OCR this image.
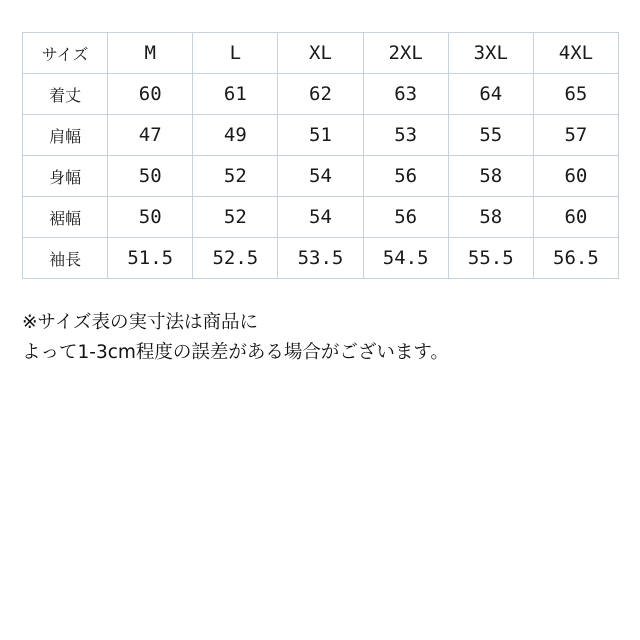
サイズ	M	L	XL	2XL	3XL	4XL
着丈	60	61	62	63	64	65
肩幅	47	49	51	53	55	57
身幅	50	52	54	56	58	60
裾幅	50	52	54	56	58	60
袖長	51.5	52.5	53.5	54.5	55.5	56.5

※サイズ表の実寸法は商品に
よって1-3cm程度の誤差がある場合がございます。
